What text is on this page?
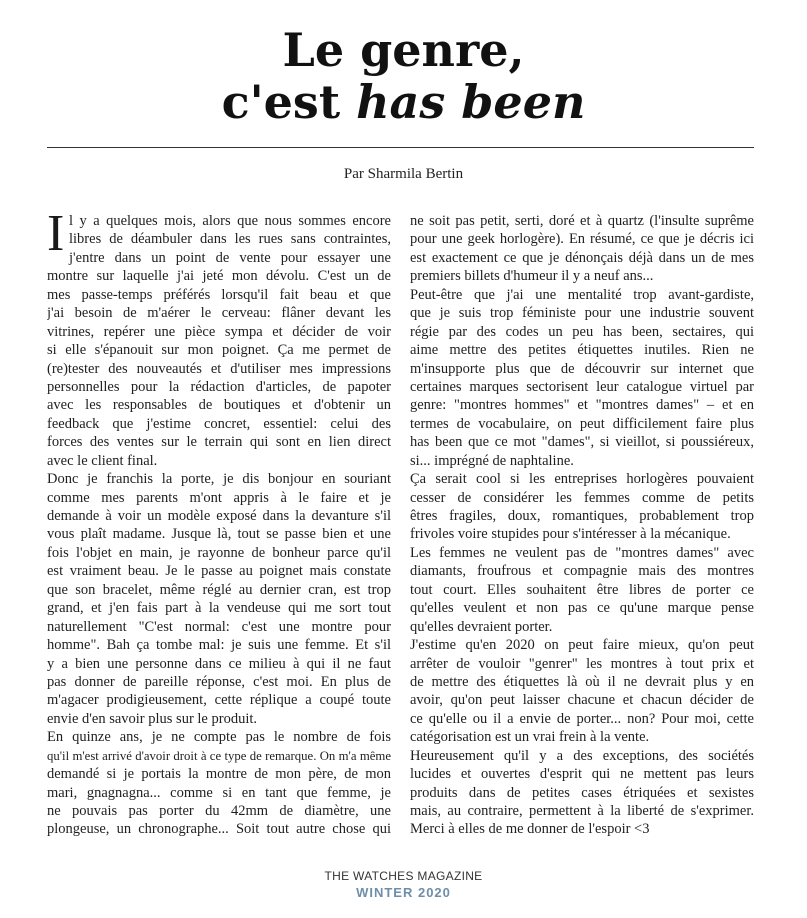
Le genre,
c'est has been
Par Sharmila Bertin
I l y a quelques mois, alors que nous sommes encore
libres de déambuler dans les rues sans contraintes,
j'entre dans un point de vente pour essayer une
montre sur laquelle j'ai jeté mon dévolu. C'est un de
mes passe-temps préférés lorsqu'il fait beau et que
j'ai besoin de m'aérer le cerveau: flâner devant les
vitrines, repérer une pièce sympa et décider de voir
si elle s'épanouit sur mon poignet. Ça me permet de
(re)tester des nouveautés et d'utiliser mes impressions
personnelles pour la rédaction d'articles, de papoter
avec les responsables de boutiques et d'obtenir un
feedback que j'estime concret, essentiel: celui des
forces des ventes sur le terrain qui sont en lien direct
avec le client final.
Donc je franchis la porte, je dis bonjour en souriant
comme mes parents m'ont appris à le faire et je
demande à voir un modèle exposé dans la devanture s'il
vous plaît madame. Jusque là, tout se passe bien et une
fois l'objet en main, je rayonne de bonheur parce qu'il
est vraiment beau. Je le passe au poignet mais constate
que son bracelet, même réglé au dernier cran, est trop
grand, et j'en fais part à la vendeuse qui me sort tout
naturellement "C'est normal: c'est une montre pour
homme". Bah ça tombe mal: je suis une femme. Et s'il
y a bien une personne dans ce milieu à qui il ne faut
pas donner de pareille réponse, c'est moi. En plus de
m'agacer prodigieusement, cette réplique a coupé toute
envie d'en savoir plus sur le produit.
En quinze ans, je ne compte pas le nombre de fois
qu'il m'est arrivé d'avoir droit à ce type de remarque. On m'a même
demandé si je portais la montre de mon père, de mon
mari, gnagnagna... comme si en tant que femme, je
ne pouvais pas porter du 42mm de diamètre, une
plongeuse, un chronographe... Soit tout autre chose qui
ne soit pas petit, serti, doré et à quartz (l'insulte suprême
pour une geek horlogère). En résumé, ce que je décris ici
est exactement ce que je dénonçais déjà dans un de mes
premiers billets d'humeur il y a neuf ans...
Peut-être que j'ai une mentalité trop avant-gardiste,
que je suis trop féministe pour une industrie souvent
régie par des codes un peu has been, sectaires, qui
aime mettre des petites étiquettes inutiles. Rien ne
m'insupporte plus que de découvrir sur internet que
certaines marques sectorisent leur catalogue virtuel par
genre: "montres hommes" et "montres dames" – et en
termes de vocabulaire, on peut difficilement faire plus
has been que ce mot "dames", si vieillot, si poussiéreux,
si... imprégné de naphtaline.
Ça serait cool si les entreprises horlogères pouvaient
cesser de considérer les femmes comme de petits
êtres fragiles, doux, romantiques, probablement trop
frivoles voire stupides pour s'intéresser à la mécanique.
Les femmes ne veulent pas de "montres dames" avec
diamants, froufrous et compagnie mais des montres
tout court. Elles souhaitent être libres de porter ce
qu'elles veulent et non pas ce qu'une marque pense
qu'elles devraient porter.
J'estime qu'en 2020 on peut faire mieux, qu'on peut
arrêter de vouloir "genrer" les montres à tout prix et
de mettre des étiquettes là où il ne devrait plus y en
avoir, qu'on peut laisser chacune et chacun décider de
ce qu'elle ou il a envie de porter... non? Pour moi, cette
catégorisation est un vrai frein à la vente.
Heureusement qu'il y a des exceptions, des sociétés
lucides et ouvertes d'esprit qui ne mettent pas leurs
produits dans de petites cases étriquées et sexistes
mais, au contraire, permettent à la liberté de s'exprimer.
Merci à elles de me donner de l'espoir <3
THE WATCHES MAGAZINE
WINTER 2020
